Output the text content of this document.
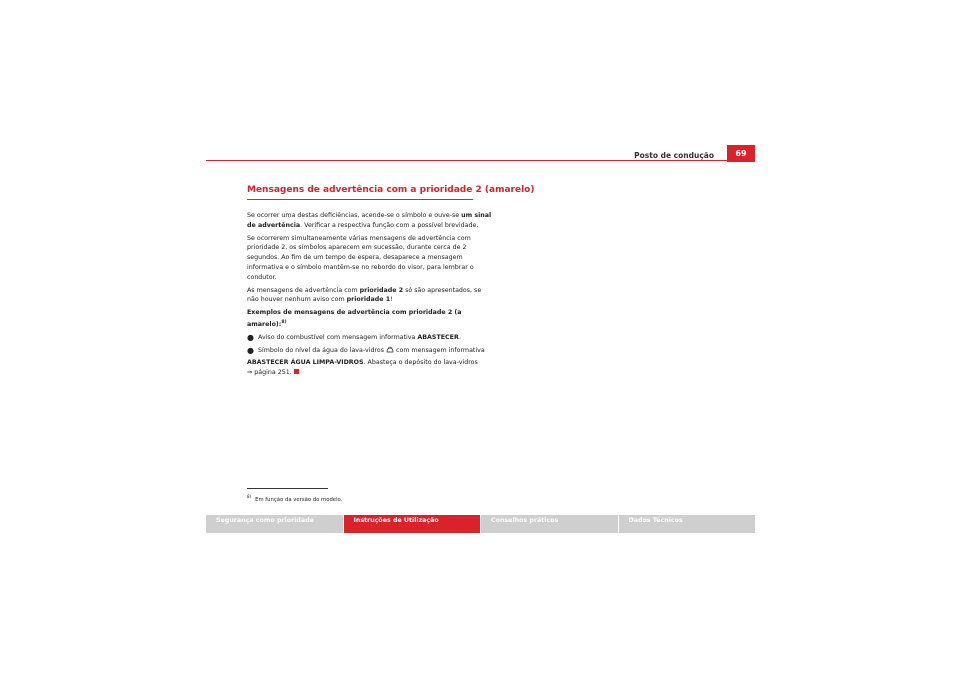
Posto de condução	69
Mensagens de advertência com a prioridade 2 (amarelo)

Se ocorrer uma destas deficiências, acende-se o símbolo e ouve-se um sinal de advertência. Verificar a respectiva função com a possível brevidade.

Se ocorrerem simultaneamente várias mensagens de advertência com prioridade 2, os símbolos aparecem em sucessão, durante cerca de 2 segundos. Ao fim de um tempo de espera, desaparece a mensagem informativa e o símbolo mantêm-se no rebordo do visor, para lembrar o condutor.

As mensagens de advertência com prioridade 2 só são apresentados, se não houver nenhum aviso com prioridade 1!

Exemplos de mensagens de advertência com prioridade 2 (a amarelo):$^{8)}$

● Aviso do combustível com mensagem informativa ABASTECER.

● Símbolo do nível da água do lava-vidros  com mensagem informativa

ABASTECER ÁGUA LIMPA-VIDROS. Abasteça o depósito do lava-vidros
⇒ página 251.

$^{8)}$Em função da versão do modelo.
Segurança como prioridade	Instruções de Utilização	Conselhos práticos	Dados Técnicos
